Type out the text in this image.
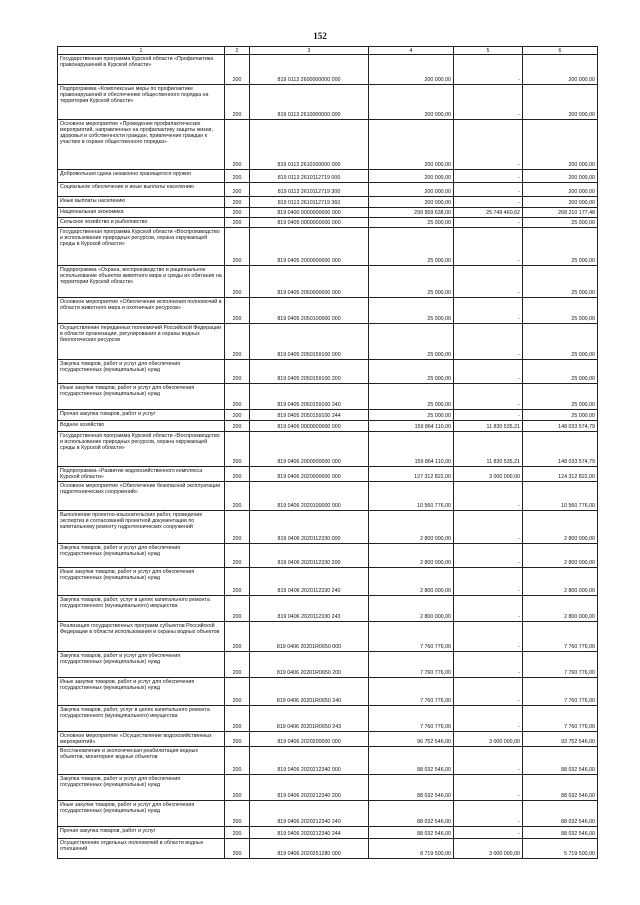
152
1	2	3	4	5	6
Государственная программа Курской области «Профилактика правонарушений в Курской области»	200	819 0113 2600000000 000	200 000,00	-	200 000,00
Подпрограмма «Комплексные меры по профилактике правонарушений и обеспечению общественного порядка на территории Курской области»	200	819 0113 2610000000 000	200 000,00	-	200 000,00
Основное мероприятие «Проведение профилактических мероприятий, направленных на профилактику защиты жизни, здоровья и собственности граждан, привлечение граждан к участию в охране общественного порядка»	200	819 0113 2610100000 000	200 000,00	-	200 000,00
Добровольная сдача незаконно хранящегося оружия	200	819 0113 2610112719 000	200 000,00	-	200 000,00
Социальное обеспечение и иные выплаты населению	200	819 0113 2610112719 300	200 000,00	-	200 000,00
Иные выплаты населению	200	819 0113 2610112719 360	200 000,00	-	200 000,00
Национальная экономика	200	819 0400 0000000000 000	299 959 638,00	25 749 460,62	268 210 177,48
Сельское хозяйство и рыболовство	200	819 0405 0000000000 000	25 000,00	-	25 000,00
Государственная программа Курской области «Воспроизводство и использование природных ресурсов, охрана окружающей среды в Курской области»	200	819 0405 2000000000 000	25 000,00	-	25 000,00
Подпрограмма «Охрана, воспроизводство и рациональное использование объектов животного мира и среды их обитания на территории Курской области»	200	819 0405 2050000000 000	25 000,00	-	25 000,00
Основное мероприятие «Обеспечение исполнения полномочий в области животного мира и охотничьих ресурсов»	200	819 0405 2050100000 000	25 000,00	-	25 000,00
Осуществление переданных полномочий Российской Федерации в области организации, регулирования и охраны водных биологических ресурсов	200	819 0405 2050159100 000	25 000,00	-	25 000,00
Закупка товаров, работ и услуг для обеспечения государственных (муниципальных) нужд	200	819 0405 2050159100 200	25 000,00	-	25 000,00
Иные закупки товаров, работ и услуг для обеспечения государственных (муниципальных) нужд	200	819 0405 2050159100 240	25 000,00	-	25 000,00
Прочая закупка товаров, работ и услуг	200	819 0405 2050159100 244	25 000,00	-	25 000,00
Водное хозяйство	200	819 0406 0000000000 000	159 864 110,00	11 830 535,21	148 033 574,79
Государственная программа Курской области «Воспроизводство и использование природных ресурсов, охрана окружающей среды в Курской области»	200	819 0406 2000000000 000	159 864 110,00	11 830 535,21	148 033 574,79
Подпрограмма «Развитие водохозяйственного комплекса Курской области»	200	819 0406 2020000000 000	127 312 822,00	3 000 000,00	124 312 822,00
Основное мероприятие «Обеспечение безопасной эксплуатации гидротехнических сооружений»	200	819 0406 2020100000 000	10 560 776,00	-	10 560 776,00
Выполнение проектно-изыскательских работ, проведение экспертиз и согласований проектной документации по капитальному ремонту гидротехнических сооружений	200	819 0406 2020112330 000	2 800 000,00	-	2 800 000,00
Закупка товаров, работ и услуг для обеспечения государственных (муниципальных) нужд	200	819 0406 2020112330 200	2 800 000,00	-	2 800 000,00
Иные закупки товаров, работ и услуг для обеспечения государственных (муниципальных) нужд	200	819 0406 2020112330 240	2 800 000,00	-	2 800 000,00
Закупка товаров, работ, услуг в целях капитального ремонта государственного (муниципального) имущества	200	819 0406 2020112330 243	2 800 000,00	-	2 800 000,00
Реализация государственных программ субъектов Российской Федерации в области использования и охраны водных объектов	200	819 0406 20201R0650 000	7 760 776,00	-	7 760 776,00
Закупка товаров, работ и услуг для обеспечения государственных (муниципальных) нужд	200	819 0406 20201R0650 200	7 760 776,00	-	7 760 776,00
Иные закупки товаров, работ и услуг для обеспечения государственных (муниципальных) нужд	200	819 0406 20201R0650 240	7 760 776,00	-	7 760 776,00
Закупка товаров, работ, услуг в целях капитального ремонта государственного (муниципального) имущества	200	819 0406 20201R0650 243	7 760 776,00	-	7 760 776,00
Основное мероприятие «Осуществление водохозяйственных мероприятий»	200	819 0406 2020200000 000	96 752 546,00	3 000 000,00	93 752 546,00
Восстановление и экологическая реабилитация водных объектов, мониторинг водных объектов	200	819 0406 2020212340 000	88 032 546,00	-	88 032 546,00
Закупка товаров, работ и услуг для обеспечения государственных (муниципальных) нужд	200	819 0406 2020212340 200	88 032 546,00	-	88 032 546,00
Иные закупки товаров, работ и услуг для обеспечения государственных (муниципальных) нужд	200	819 0406 2020212340 240	88 032 546,00	-	88 032 546,00
Прочая закупка товаров, работ и услуг	200	819 0406 2020212340 244	88 032 546,00	-	88 032 546,00
Осуществление отдельных полномочий в области водных отношений	200	819 0406 2020251280 000	8 719 500,00	3 000 000,00	5 719 500,00
